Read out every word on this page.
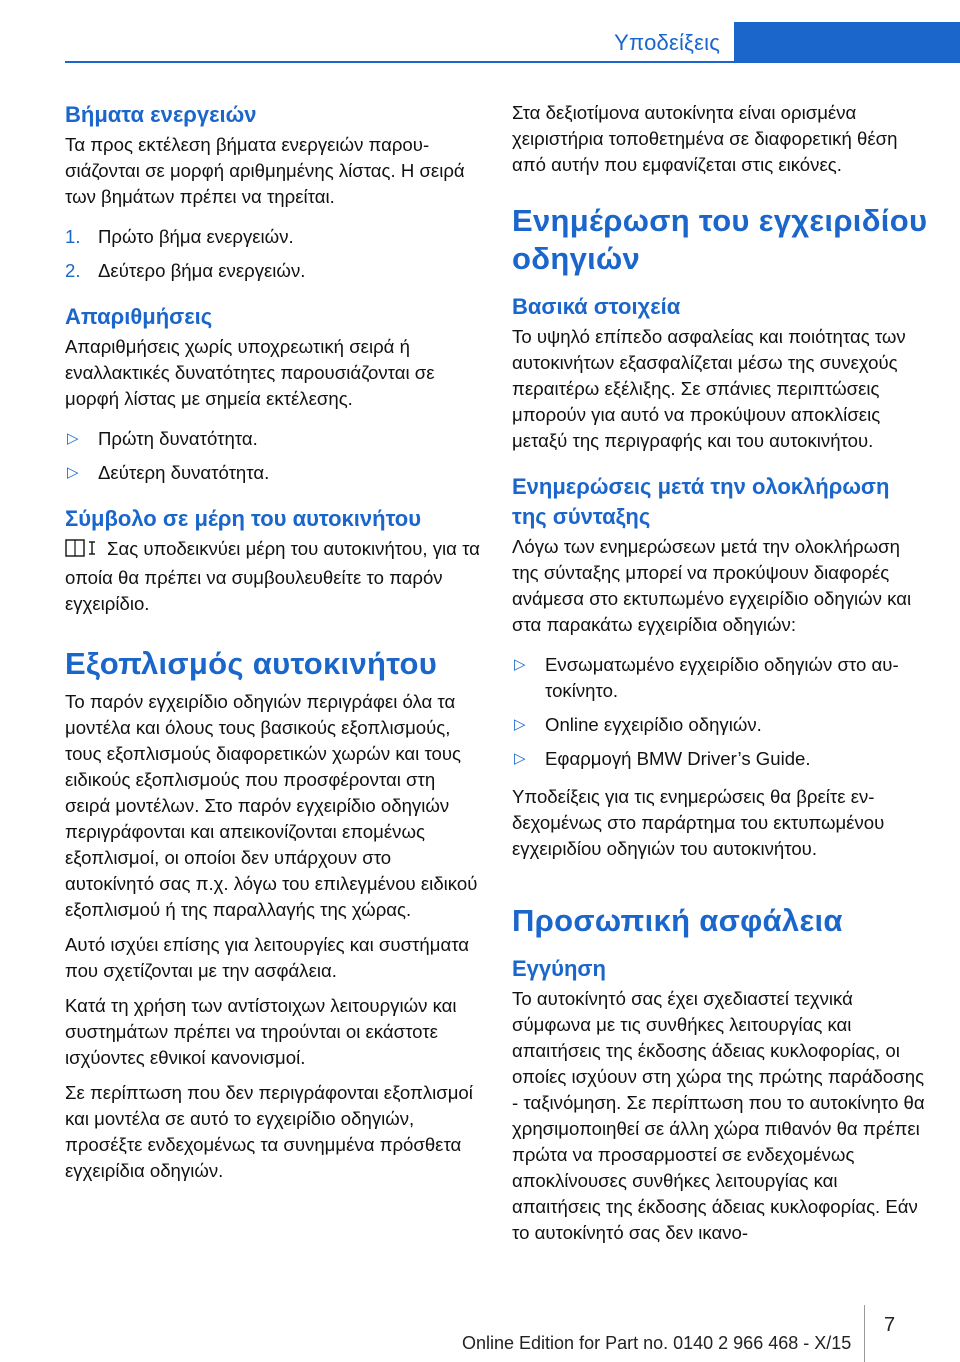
Υποδείξεις
Βήματα ενεργειών

Τα προς εκτέλεση βήματα ενεργειών παρουσιάζονται σε μορφή αριθμημένης λίστας. Η σειρά των βημάτων πρέπει να τηρείται.

1. Πρώτο βήμα ενεργειών.
2. Δεύτερο βήμα ενεργειών.
Απαριθμήσεις

Απαριθμήσεις χωρίς υποχρεωτική σειρά ή εναλλακτικές δυνατότητες παρουσιάζονται σε μορφή λίστας με σημεία εκτέλεσης.

▷ Πρώτη δυνατότητα.
▷ Δεύτερη δυνατότητα.
Σύμβολο σε μέρη του αυτοκινήτου

Σας υποδεικνύει μέρη του αυτοκινήτου, για τα οποία θα πρέπει να συμβουλευθείτε το παρόν εγχειρίδιο.

Εξοπλισμός αυτοκινήτου

Το παρόν εγχειρίδιο οδηγιών περιγράφει όλα τα μοντέλα και όλους τους βασικούς εξοπλισμούς, τους εξοπλισμούς διαφορετικών χωρών και τους ειδικούς εξοπλισμούς που προσφέρονται στη σειρά μοντέλων. Στο παρόν εγχειρίδιο οδηγιών περιγράφονται και απεικονίζονται επομένως εξοπλισμοί, οι οποίοι δεν υπάρχουν στο αυτοκίνητό σας π.χ. λόγω του επιλεγμένου ειδικού εξοπλισμού ή της παραλλαγής της χώρας.

Αυτό ισχύει επίσης για λειτουργίες και συστήματα που σχετίζονται με την ασφάλεια.

Κατά τη χρήση των αντίστοιχων λειτουργιών και συστημάτων πρέπει να τηρούνται οι εκάστοτε ισχύοντες εθνικοί κανονισμοί.

Σε περίπτωση που δεν περιγράφονται εξοπλισμοί και μοντέλα σε αυτό το εγχειρίδιο οδηγιών, προσέξτε ενδεχομένως τα συνημμένα πρόσθετα εγχειρίδια οδηγιών.

Στα δεξιοτίμονα αυτοκίνητα είναι ορισμένα χειριστήρια τοποθετημένα σε διαφορετική θέση από αυτήν που εμφανίζεται στις εικόνες.

Ενημέρωση του εγχειριδίου οδηγιών
Βασικά στοιχεία

Το υψηλό επίπεδο ασφαλείας και ποιότητας των αυτοκινήτων εξασφαλίζεται μέσω της συνεχούς περαιτέρω εξέλιξης. Σε σπάνιες περιπτώσεις μπορούν για αυτό να προκύψουν αποκλίσεις μεταξύ της περιγραφής και του αυτοκινήτου.

Ενημερώσεις μετά την ολοκλήρωση της σύνταξης

Λόγω των ενημερώσεων μετά την ολοκλήρωση της σύνταξης μπορεί να προκύψουν διαφορές ανάμεσα στο εκτυπωμένο εγχειρίδιο οδηγιών και στα παρακάτω εγχειρίδια οδηγιών:

▷ Ενσωματωμένο εγχειρίδιο οδηγιών στο αυτοκίνητο.
▷ Online εγχειρίδιο οδηγιών.
▷ Εφαρμογή BMW Driver’s Guide.

Υποδείξεις για τις ενημερώσεις θα βρείτε ενδεχομένως στο παράρτημα του εκτυπωμένου εγχειριδίου οδηγιών του αυτοκινήτου.

Προσωπική ασφάλεια
Εγγύηση

Το αυτοκίνητό σας έχει σχεδιαστεί τεχνικά σύμφωνα με τις συνθήκες λειτουργίας και απαιτήσεις της έκδοσης άδειας κυκλοφορίας, οι οποίες ισχύουν στη χώρα της πρώτης παράδοσης - ταξινόμηση. Σε περίπτωση που το αυτοκίνητο θα χρησιμοποιηθεί σε άλλη χώρα πιθανόν θα πρέπει πρώτα να προσαρμοστεί σε ενδεχομένως αποκλίνουσες συνθήκες λειτουργίας και απαιτήσεις της έκδοσης άδειας κυκλοφορίας. Εάν το αυτοκίνητό σας δεν ικανο-

7
Online Edition for Part no. 0140 2 966 468 - X/15
